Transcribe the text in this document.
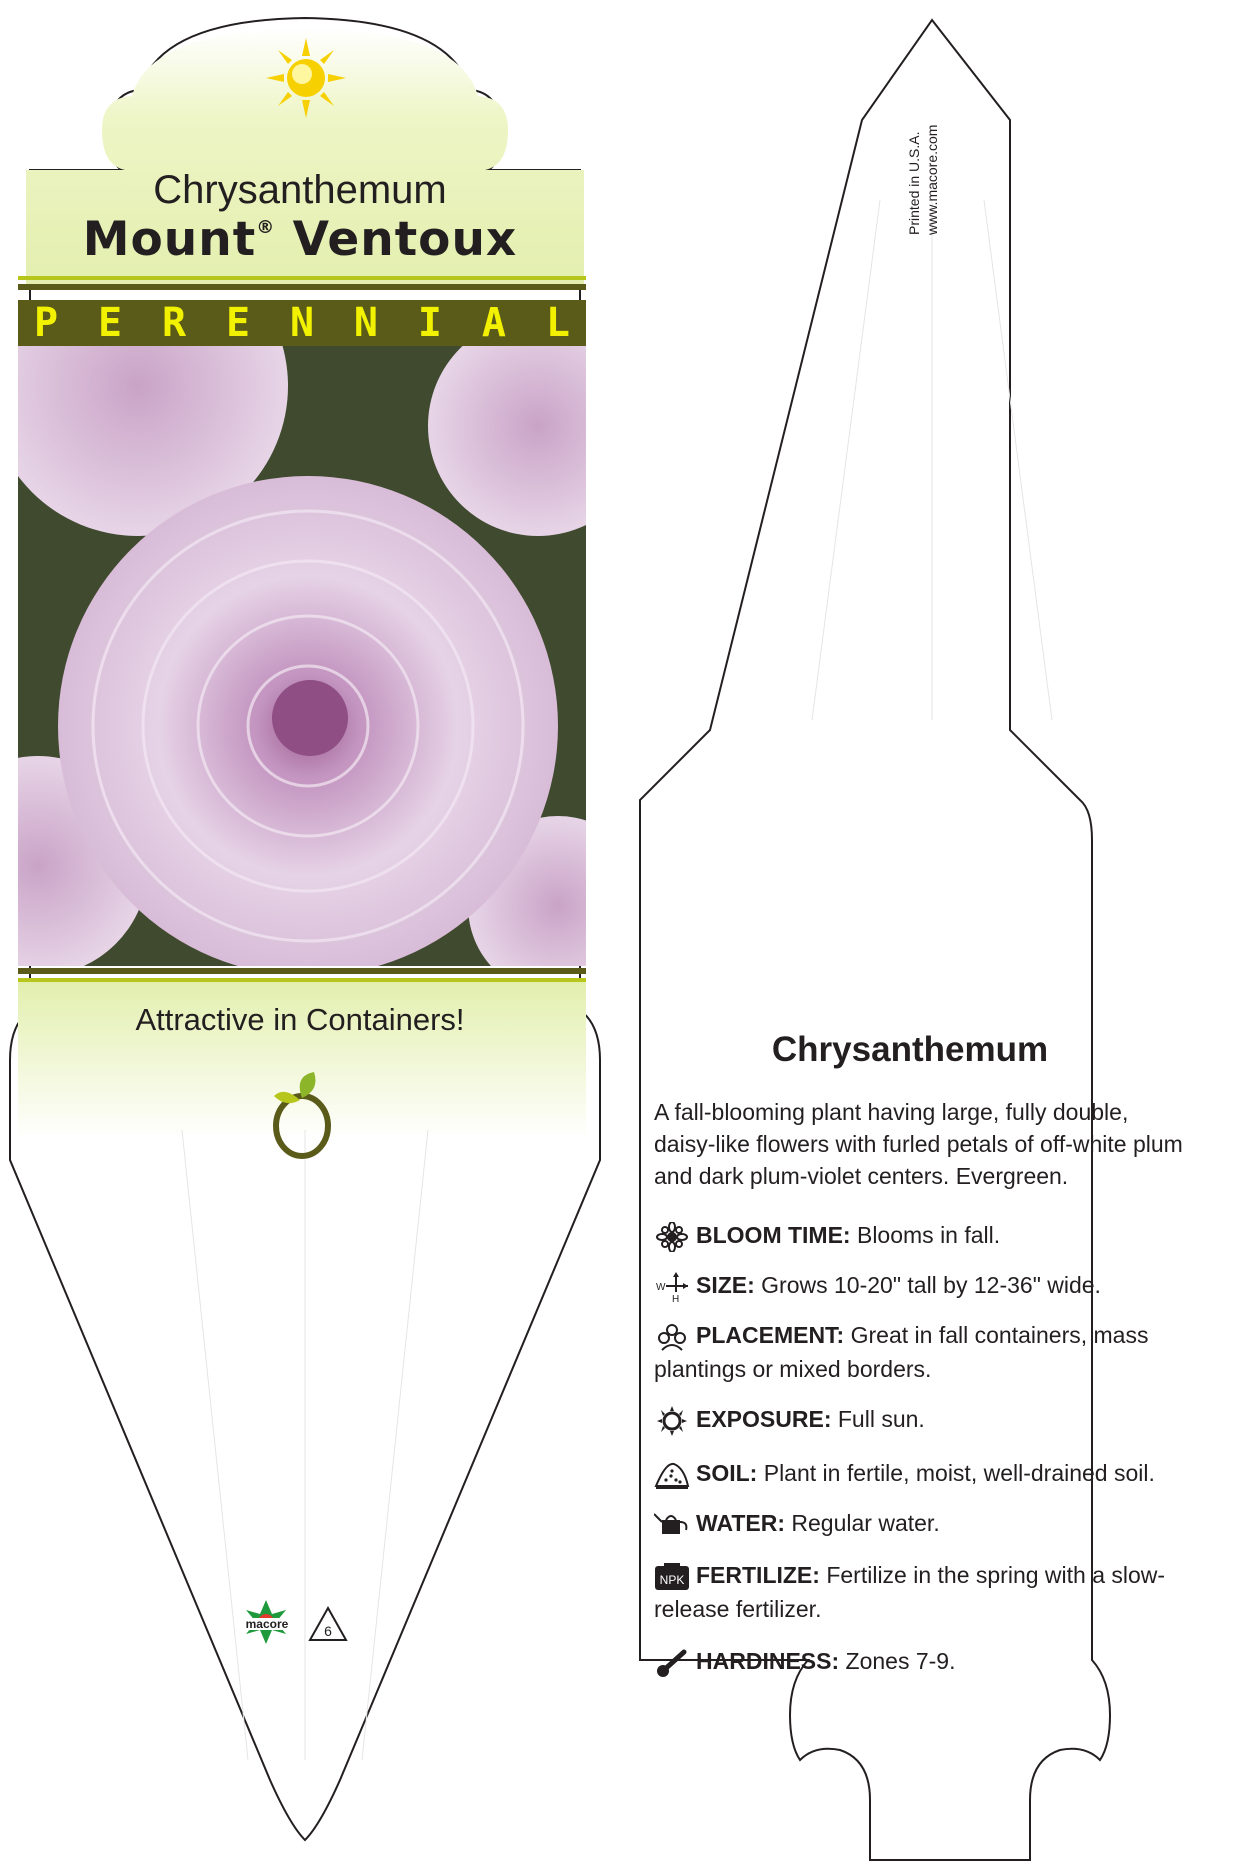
Chrysanthemum
Mount® Ventoux
P E R E N N I A L
Attractive in Containers!
macore	6
Printed in U.S.A. www.macore.com
Chrysanthemum
A fall-blooming plant having large, fully double, daisy-like flowers with furled petals of off-white plum and dark plum-violet centers. Evergreen.
BLOOM TIME: Blooms in fall.
W
H
SIZE: Grows 10-20" tall by 12-36" wide.
PLACEMENT: Great in fall containers, mass plantings or mixed borders.
EXPOSURE: Full sun.
SOIL: Plant in fertile, moist, well-drained soil.
WATER: Regular water.
NPK FERTILIZE: Fertilize in the spring with a slow-release fertilizer.
HARDINESS: Zones 7-9.
